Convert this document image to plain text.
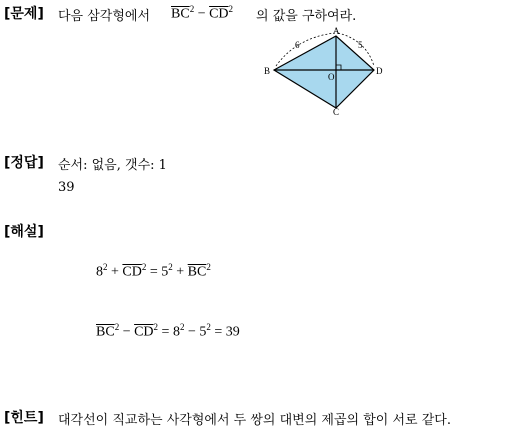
[문제] 다음 삼각형에서 $\overline{BC}^2 - \overline{CD}^2$ 의 값을 구하여라.
A
B
C
D
O
6	5
[정답] 순서: 없음, 갯수: 1
39
[해설]
$8^2 + \overline{CD}^2 = 5^2 + \overline{BC}^2$
$\overline{BC}^2 - \overline{CD}^2 = 8^2 - 5^2 = 39$
[힌트] 대각선이 직교하는 사각형에서 두 쌍의 대변의 제곱의 합이 서로 같다.
